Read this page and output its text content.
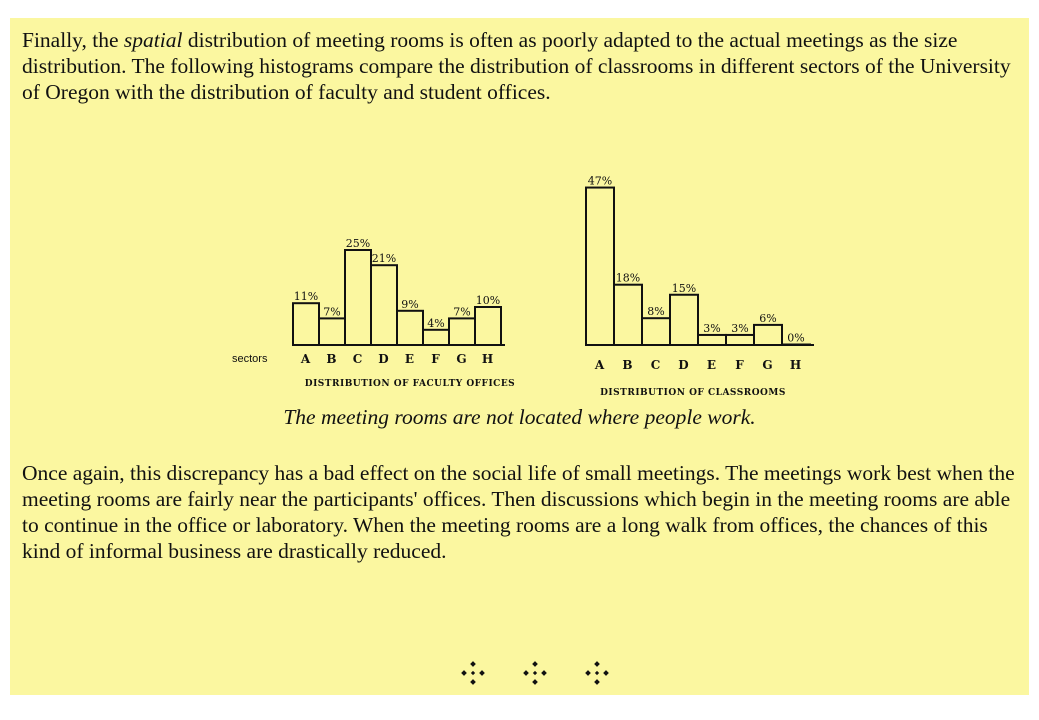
Finally, the spatial distribution of meeting rooms is often as poorly adapted to the actual meetings as the size distribution. The following histograms compare the distribution of classrooms in different sectors of the University of Oregon with the distribution of faculty and student offices.

11%
A
7%
B
25%
C
21%
D
9%
E
4%
F
7%
G
10%
H
DISTRIBUTION OF FACULTY OFFICES
sectors
47%
A
18%
B
8%
C
15%
D
3%
E
3%
F
6%
G
0%
H
DISTRIBUTION OF CLASSROOMS
The meeting rooms are not located where people work.

Once again, this discrepancy has a bad effect on the social life of small meetings. The meetings work best when the meeting rooms are fairly near the participants' offices. Then discussions which begin in the meeting rooms are able to continue in the office or laboratory. When the meeting rooms are a long walk from offices, the chances of this kind of informal business are drastically reduced.
